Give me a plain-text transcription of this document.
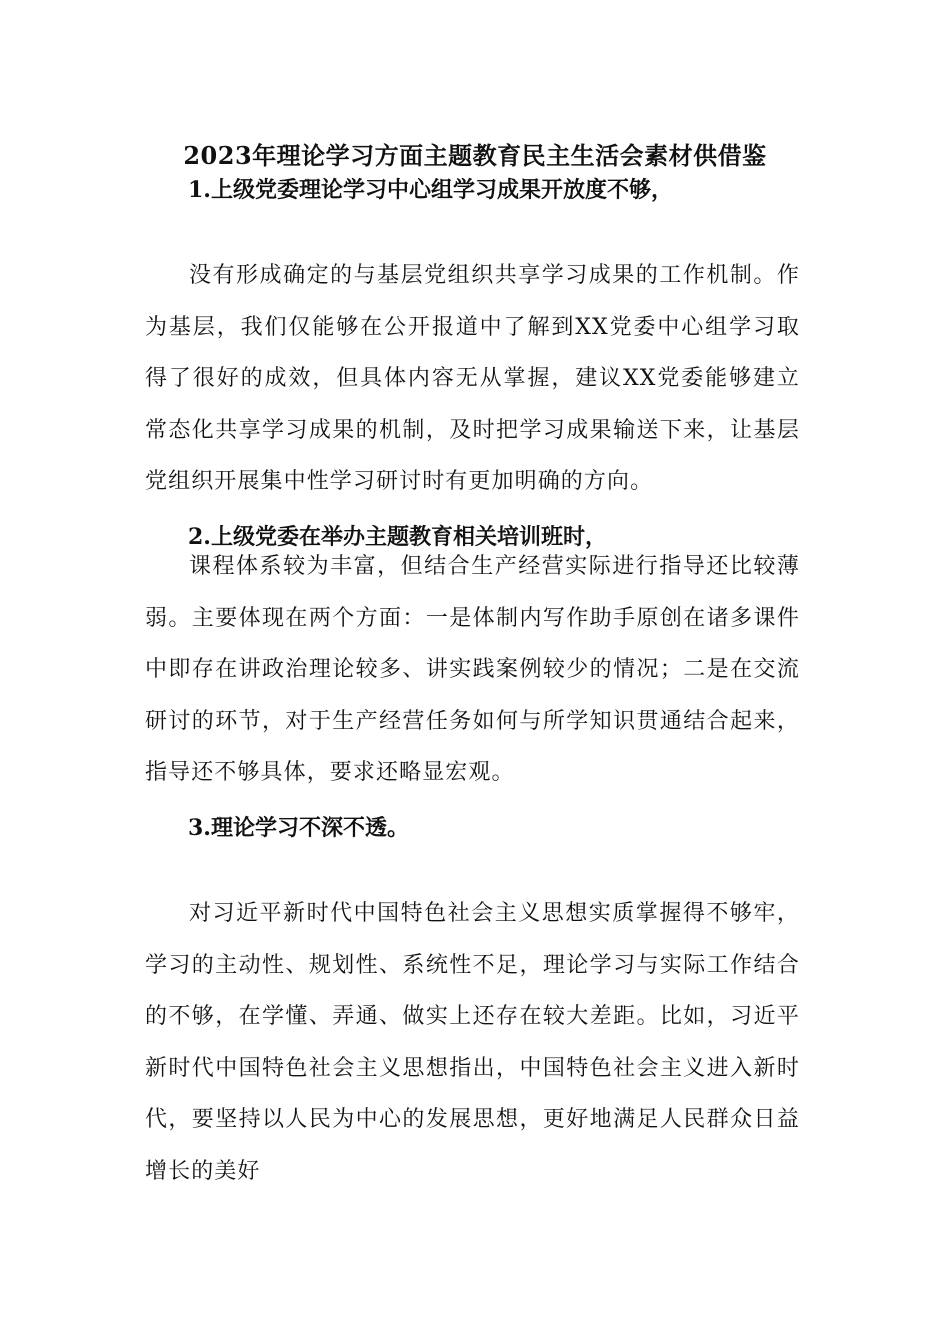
2023年理论学习方面主题教育民主生活会素材供借鉴
1.上级党委理论学习中心组学习成果开放度不够，
没有形成确定的与基层党组织共享学习成果的工作机制。作为基层，我们仅能够在公开报道中了解到XX党委中心组学习取得了很好的成效，但具体内容无从掌握，建议XX党委能够建立常态化共享学习成果的机制，及时把学习成果输送下来，让基层党组织开展集中性学习研讨时有更加明确的方向。
2.上级党委在举办主题教育相关培训班时，
课程体系较为丰富，但结合生产经营实际进行指导还比较薄弱。主要体现在两个方面：一是体制内写作助手原创在诸多课件中即存在讲政治理论较多、讲实践案例较少的情况；二是在交流研讨的环节，对于生产经营任务如何与所学知识贯通结合起来，指导还不够具体，要求还略显宏观。
3.理论学习不深不透。
对习近平新时代中国特色社会主义思想实质掌握得不够牢，学习的主动性、规划性、系统性不足，理论学习与实际工作结合的不够，在学懂、弄通、做实上还存在较大差距。比如，习近平新时代中国特色社会主义思想指出，中国特色社会主义进入新时代，要坚持以人民为中心的发展思想，更好地满足人民群众日益增长的美好
